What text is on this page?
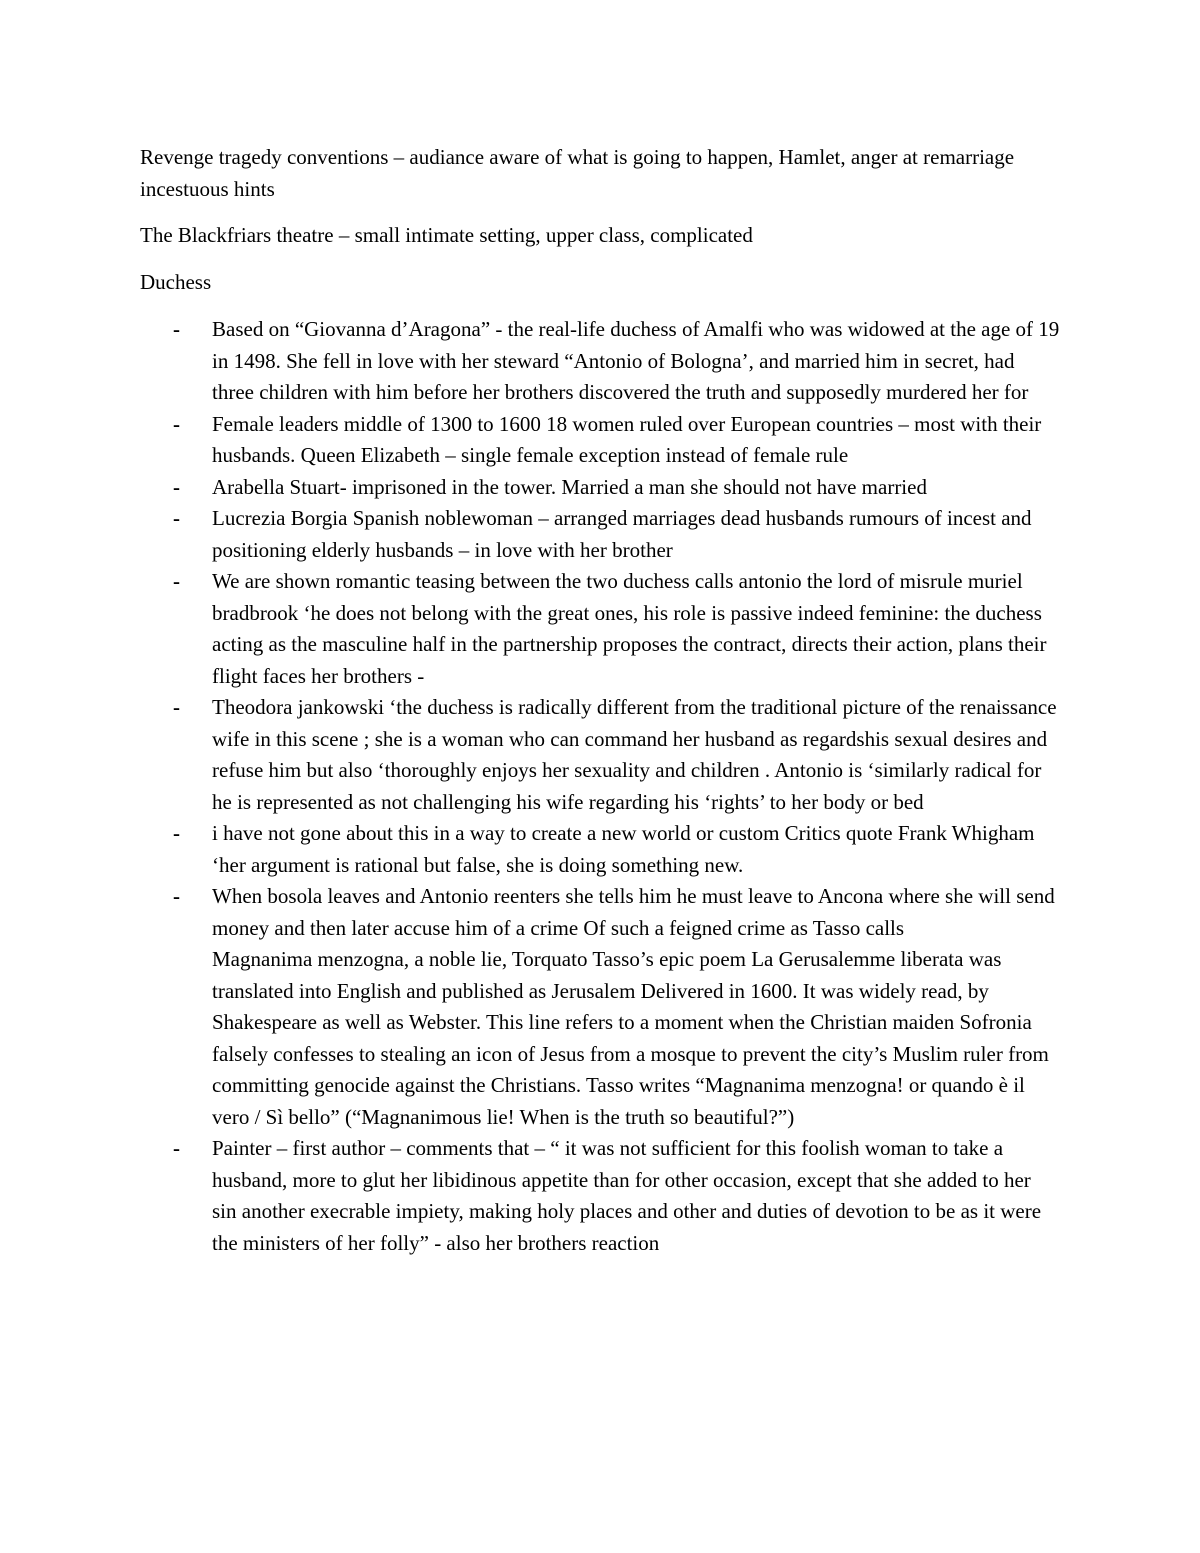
Revenge tragedy conventions – audiance aware of what is going to happen, Hamlet, anger at remarriage incestuous hints

The Blackfriars theatre – small intimate setting, upper class, complicated

Duchess

- Based on “Giovanna d’Aragona” - the real-life duchess of Amalfi who was widowed at the age of 19 in 1498. She fell in love with her steward “Antonio of Bologna’, and married him in secret, had three children with him before her brothers discovered the truth and supposedly murdered her for
- Female leaders middle of 1300 to 1600 18 women ruled over European countries – most with their husbands. Queen Elizabeth – single female exception instead of female rule
- Arabella Stuart- imprisoned in the tower. Married a man she should not have married
- Lucrezia Borgia Spanish noblewoman – arranged marriages dead husbands rumours of incest and positioning elderly husbands – in love with her brother
- We are shown romantic teasing between the two duchess calls antonio the lord of misrule muriel bradbrook ‘he does not belong with the great ones, his role is passive indeed feminine: the duchess acting as the masculine half in the partnership proposes the contract, directs their action, plans their flight faces her brothers -
- Theodora jankowski ‘the duchess is radically different from the traditional picture of the renaissance wife in this scene ; she is a woman who can command her husband as regardshis sexual desires and refuse him but also ‘thoroughly enjoys her sexuality and children . Antonio is ‘similarly radical for he is represented as not challenging his wife regarding his ‘rights’ to her body or bed
- i have not gone about this in a way to create a new world or custom Critics quote Frank Whigham ‘her argument is rational but false, she is doing something new.
- When bosola leaves and Antonio reenters she tells him he must leave to Ancona where she will send money and then later accuse him of a crime Of such a feigned crime as Tasso calls
Magnanima menzogna, a noble lie, Torquato Tasso’s epic poem La Gerusalemme liberata was translated into English and published as Jerusalem Delivered in 1600. It was widely read, by Shakespeare as well as Webster. This line refers to a moment when the Christian maiden Sofronia falsely confesses to stealing an icon of Jesus from a mosque to prevent the city’s Muslim ruler from committing genocide against the Christians. Tasso writes “Magnanima menzogna! or quando è il vero / Sì bello” (“Magnanimous lie! When is the truth so beautiful?”)
- Painter – first author – comments that – “ it was not sufficient for this foolish woman to take a husband, more to glut her libidinous appetite than for other occasion, except that she added to her sin another execrable impiety, making holy places and other and duties of devotion to be as it were the ministers of her folly” - also her brothers reaction
